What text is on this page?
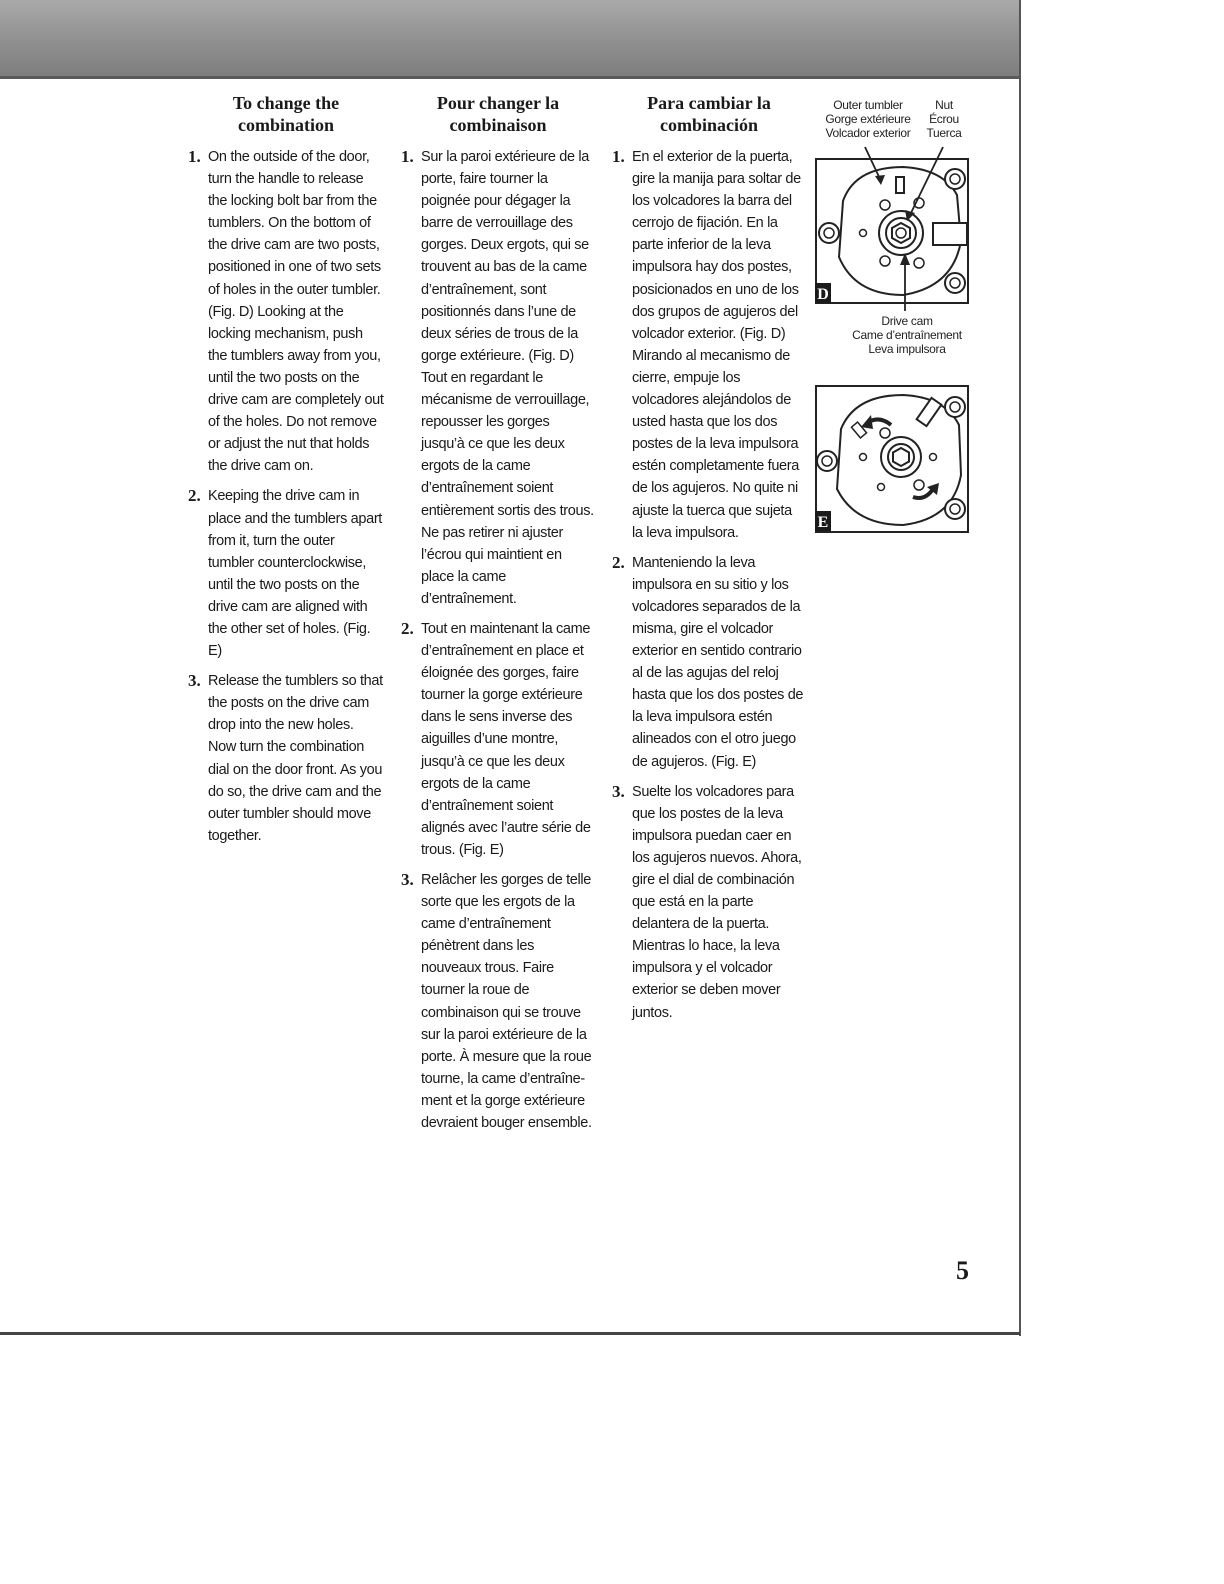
To change the
combination
1. On the outside of the door, turn the handle to release the locking bolt bar from the tumblers. On the bottom of the drive cam are two posts, positioned in one of two sets of holes in the outer tumbler. (Fig. D) Looking at the locking mechanism, push the tumblers away from you, until the two posts on the drive cam are completely out of the holes. Do not remove or adjust the nut that holds the drive cam on.
2. Keeping the drive cam in place and the tumblers apart from it, turn the outer tumbler counterclockwise, until the two posts on the drive cam are aligned with the other set of holes. (Fig. E)
3. Release the tumblers so that the posts on the drive cam drop into the new holes. Now turn the combination dial on the door front. As you do so, the drive cam and the outer tumbler should move together.
Pour changer la
combinaison
1. Sur la paroi extérieure de la porte, faire tourner la poignée pour dégager la barre de verrouillage des gorges. Deux ergots, qui se trouvent au bas de la came d’entraînement, sont positionnés dans l’une de deux séries de trous de la gorge extérieure. (Fig. D) Tout en regardant le mécanisme de verrouillage, repousser les gorges jusqu’à ce que les deux ergots de la came d’entraînement soient entièrement sortis des trous. Ne pas retirer ni ajuster l’écrou qui maintient en place la came d’entraînement.
2. Tout en maintenant la came d’entraînement en place et éloignée des gorges, faire tourner la gorge extérieure dans le sens inverse des aiguilles d’une montre, jusqu’à ce que les deux ergots de la came d’entraînement soient alignés avec l’autre série de trous. (Fig. E)
3. Relâcher les gorges de telle sorte que les ergots de la came d’entraînement pénètrent dans les nouveaux trous. Faire tourner la roue de combinaison qui se trouve sur la paroi extérieure de la porte. À mesure que la roue tourne, la came d’entraîne-ment et la gorge extérieure devraient bouger ensemble.
Para cambiar la
combinación
1. En el exterior de la puerta, gire la manija para soltar de los volcadores la barra del cerrojo de fijación. En la parte inferior de la leva impulsora hay dos postes, posicionados en uno de los dos grupos de agujeros del volcador exterior. (Fig. D) Mirando al mecanismo de cierre, empuje los volcadores alejándolos de usted hasta que los dos postes de la leva impulsora estén completamente fuera de los agujeros. No quite ni ajuste la tuerca que sujeta la leva impulsora.
2. Manteniendo la leva impulsora en su sitio y los volcadores separados de la misma, gire el volcador exterior en sentido contrario al de las agujas del reloj hasta que los dos postes de la leva impulsora estén alineados con el otro juego de agujeros. (Fig. E)
3. Suelte los volcadores para que los postes de la leva impulsora puedan caer en los agujeros nuevos. Ahora, gire el dial de combinación que está en la parte delantera de la puerta. Mientras lo hace, la leva impulsora y el volcador exterior se deben mover juntos.
Outer tumbler
Gorge extérieure
Volcador exterior
Nut
Écrou
Tuerca
D
Drive cam
Came d’entraînement
Leva impulsora
E
5
